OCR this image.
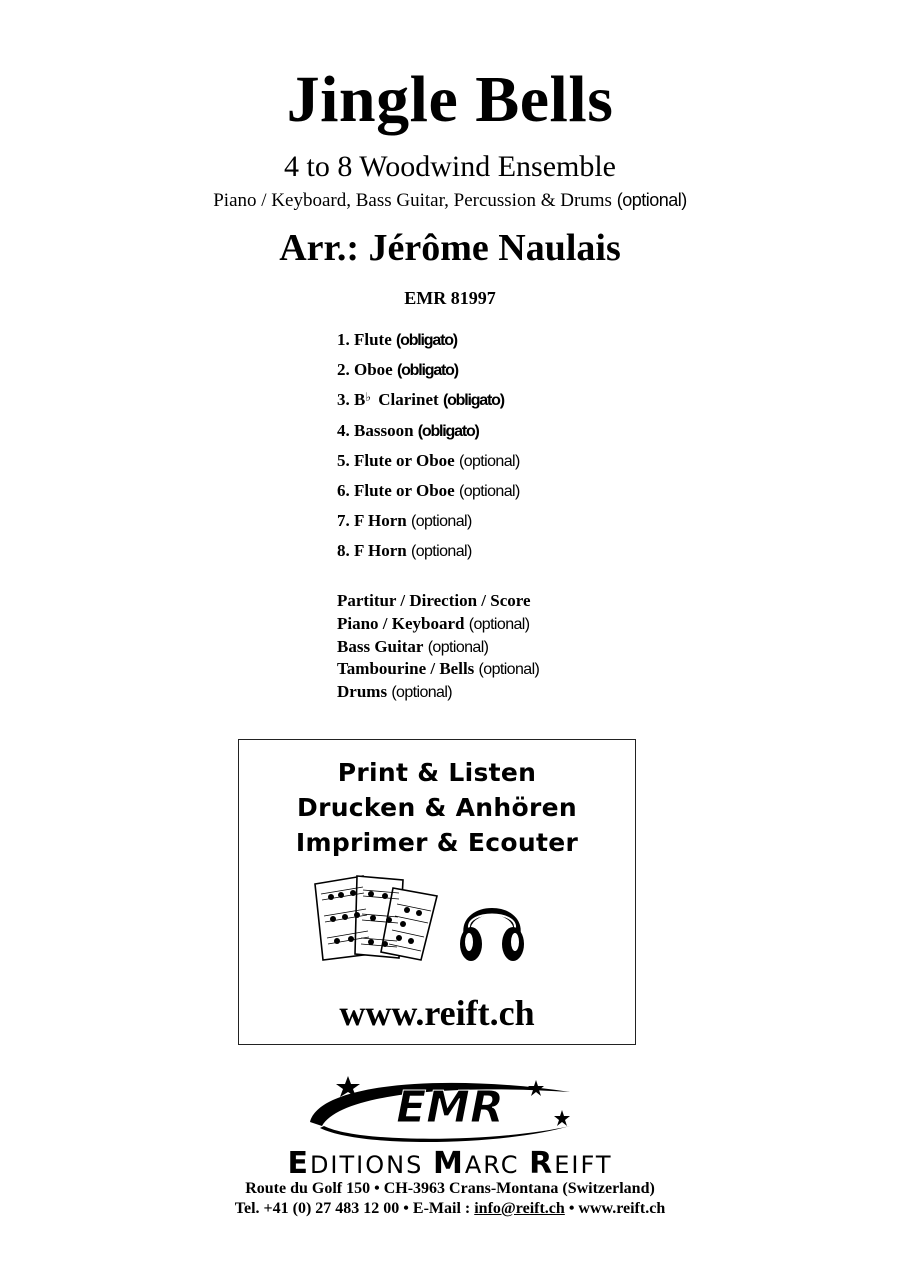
Jingle Bells
4 to 8 Woodwind Ensemble
Piano / Keyboard, Bass Guitar, Percussion & Drums (optional)
Arr.: Jérôme Naulais
EMR 81997
1. Flute (obligato)
2. Oboe (obligato)
3. B♭ Clarinet (obligato)
4. Bassoon (obligato)
5. Flute or Oboe (optional)
6. Flute or Oboe (optional)
7. F Horn (optional)
8. F Horn (optional)
Partitur / Direction / Score
Piano / Keyboard (optional)
Bass Guitar (optional)
Tambourine / Bells (optional)
Drums (optional)
Print & Listen
Drucken & Anhören
Imprimer & Ecouter
www.reift.ch
EMR
EDITIONS MARC REIFT
Route du Golf 150 • CH-3963 Crans-Montana (Switzerland)
Tel. +41 (0) 27 483 12 00 • E-Mail : info@reift.ch • www.reift.ch
